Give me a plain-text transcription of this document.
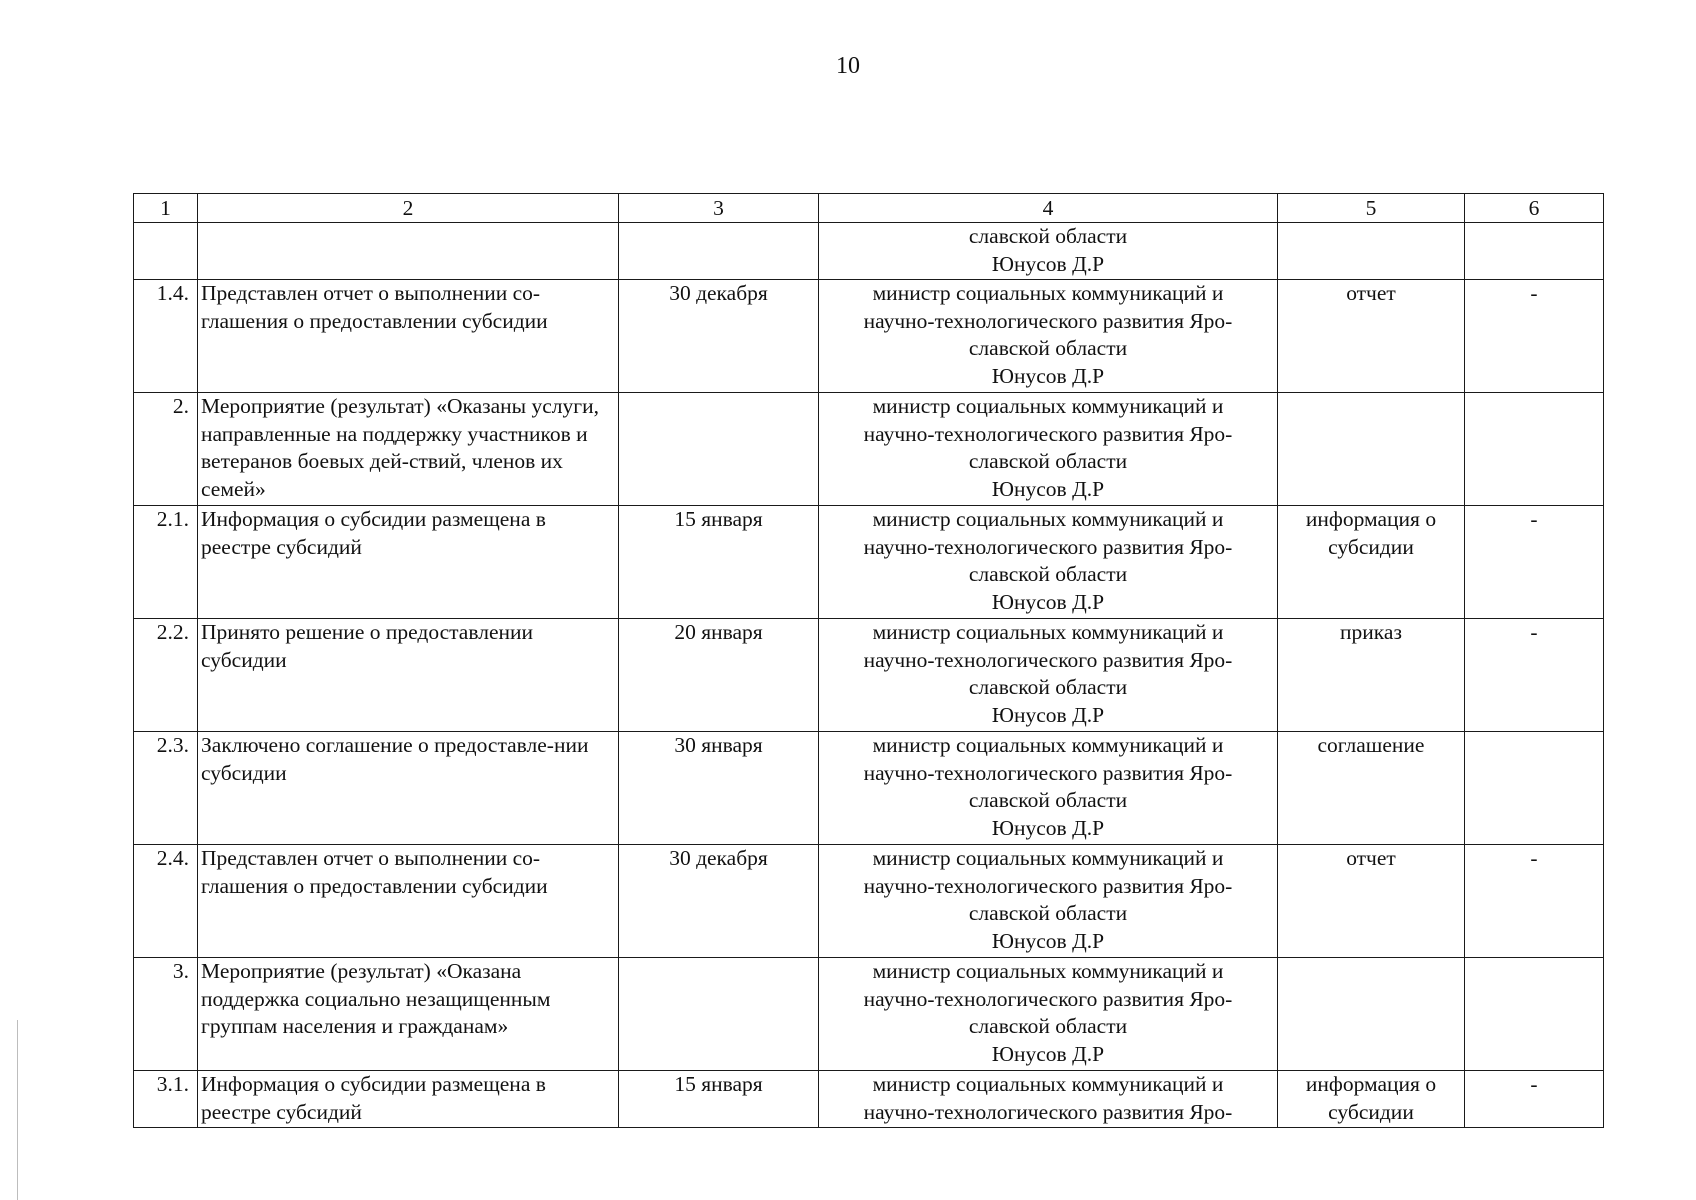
10
1	2	3	4	5	6

			славской области
Юнусов Д.Р		

1.4.	Представлен отчет о выполнении со-глашения о предоставлении субсидии	30 декабря	министр социальных коммуникаций и
научно-технологического развития Яро-
славской области
Юнусов Д.Р	отчет	-
2.	Мероприятие (результат) «Оказаны услуги, направленные на поддержку участников и ветеранов боевых дей-ствий, членов их семей»		министр социальных коммуникаций и
научно-технологического развития Яро-
славской области
Юнусов Д.Р		

2.1.	Информация о субсидии размещена в реестре субсидий	15 января	министр социальных коммуникаций и
научно-технологического развития Яро-
славской области
Юнусов Д.Р	информация о субсидии	-
2.2.	Принято решение о предоставлении субсидии	20 января	министр социальных коммуникаций и
научно-технологического развития Яро-
славской области
Юнусов Д.Р	приказ	-
2.3.	Заключено соглашение о предоставле-нии субсидии	30 января	министр социальных коммуникаций и
научно-технологического развития Яро-
славской области
Юнусов Д.Р	соглашение	
2.4.	Представлен отчет о выполнении со-глашения о предоставлении субсидии	30 декабря	министр социальных коммуникаций и
научно-технологического развития Яро-
славской области
Юнусов Д.Р	отчет	-
3.	Мероприятие (результат) «Оказана поддержка социально незащищенным группам населения и гражданам»		министр социальных коммуникаций и
научно-технологического развития Яро-
славской области
Юнусов Д.Р		

3.1.	Информация о субсидии размещена в реестре субсидий	15 января	министр социальных коммуникаций и
научно-технологического развития Яро-	информация о субсидии	-
